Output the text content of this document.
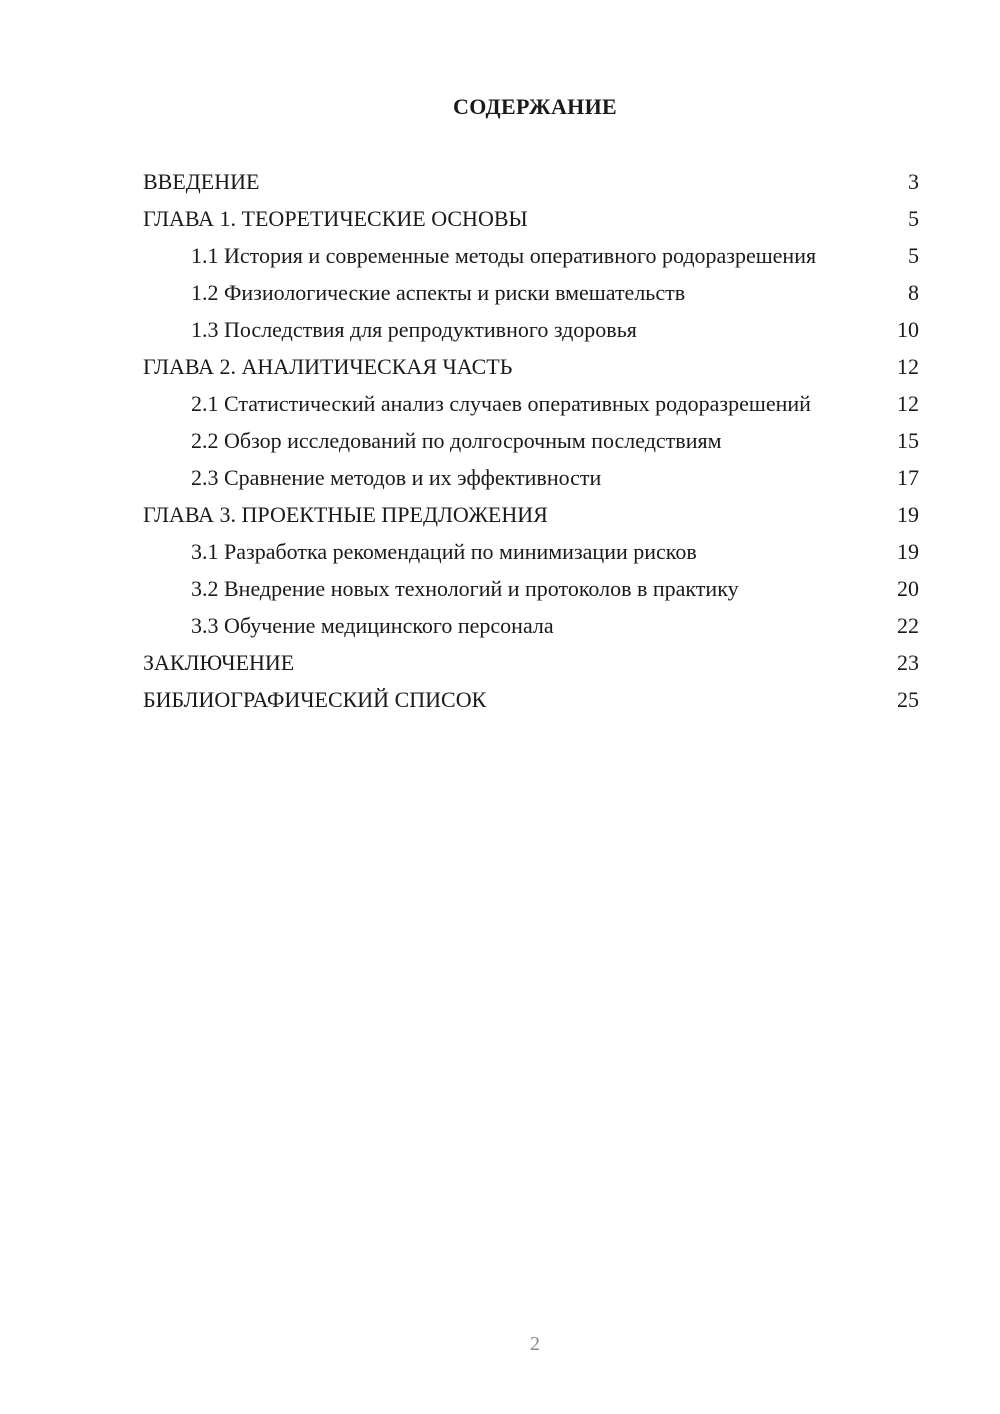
СОДЕРЖАНИЕ
ВВЕДЕНИЕ	3
ГЛАВА 1. ТЕОРЕТИЧЕСКИЕ ОСНОВЫ	5
1.1 История и современные методы оперативного родоразрешения	5
1.2 Физиологические аспекты и риски вмешательств	8
1.3 Последствия для репродуктивного здоровья	10
ГЛАВА 2. АНАЛИТИЧЕСКАЯ ЧАСТЬ	12
2.1 Статистический анализ случаев оперативных родоразрешений	12
2.2 Обзор исследований по долгосрочным последствиям	15
2.3 Сравнение методов и их эффективности	17
ГЛАВА 3. ПРОЕКТНЫЕ ПРЕДЛОЖЕНИЯ	19
3.1 Разработка рекомендаций по минимизации рисков	19
3.2 Внедрение новых технологий и протоколов в практику	20
3.3 Обучение медицинского персонала	22
ЗАКЛЮЧЕНИЕ	23
БИБЛИОГРАФИЧЕСКИЙ СПИСОК	25
2
